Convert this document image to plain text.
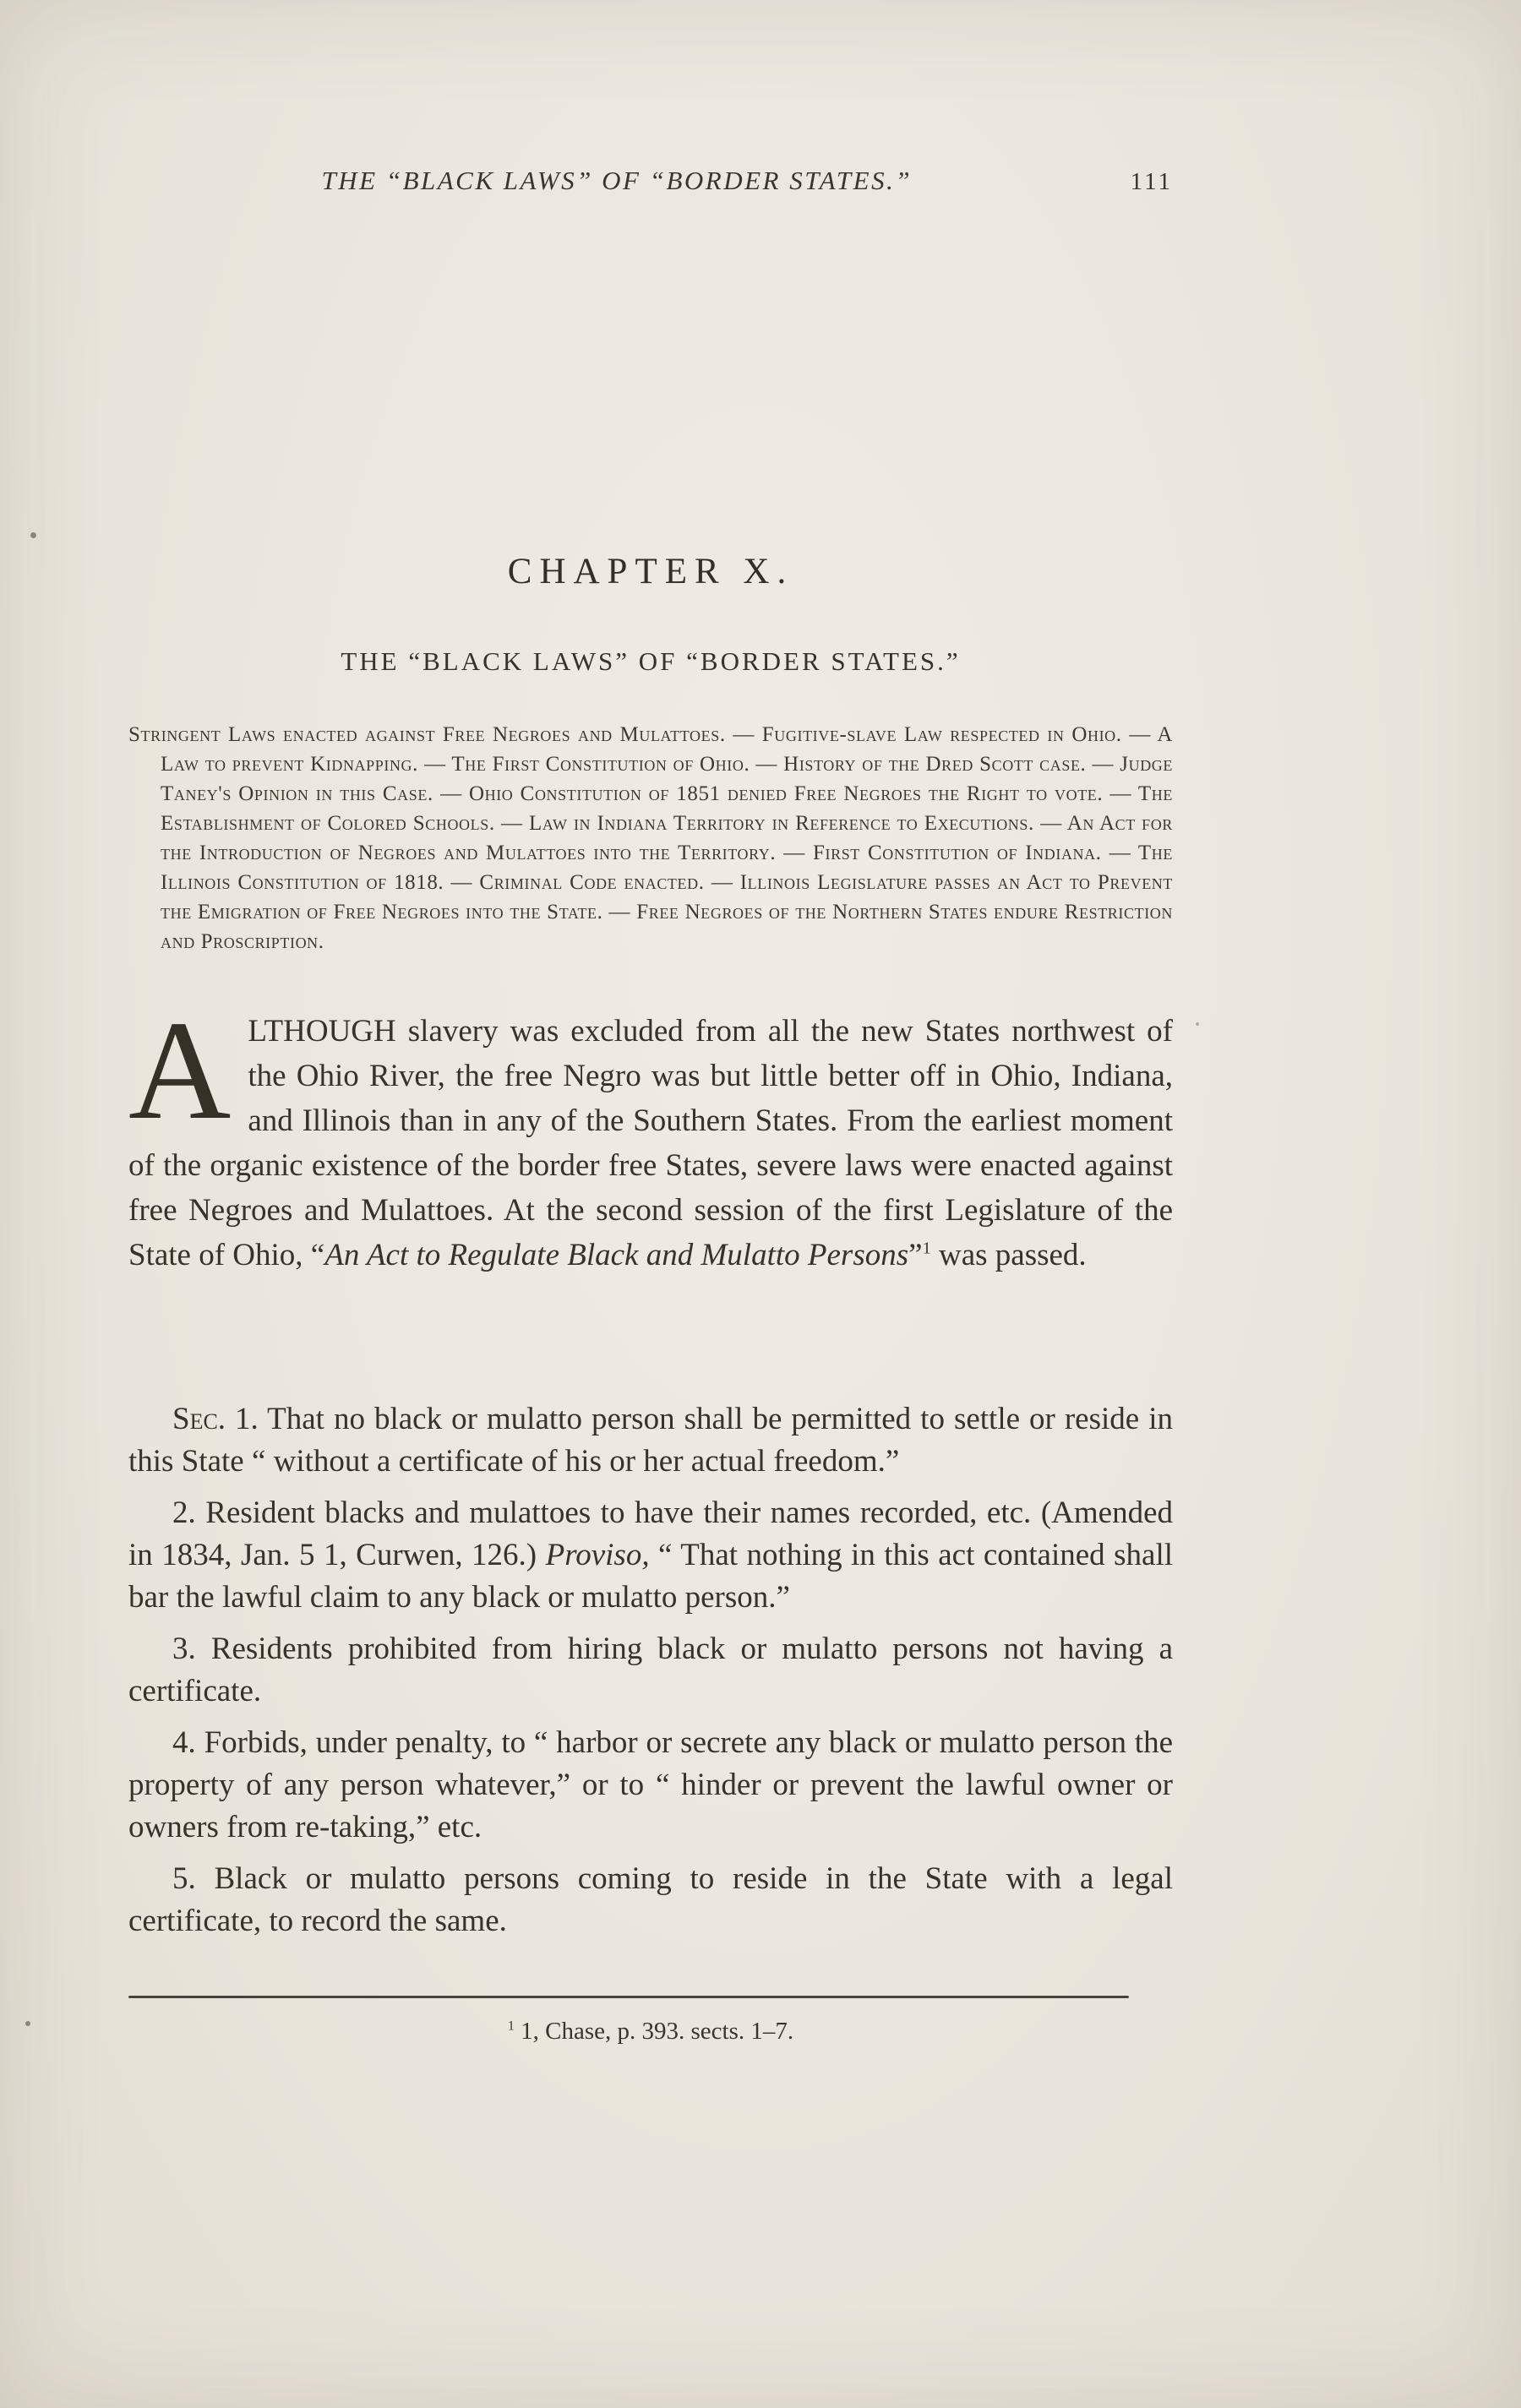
THE “BLACK LAWS” OF “BORDER STATES.”	111
CHAPTER X.
THE “BLACK LAWS” OF “BORDER STATES.”

Stringent Laws enacted against Free Negroes and Mulattoes. — Fugitive-slave Law respected in Ohio. — A Law to prevent Kidnapping. — The First Constitution of Ohio. — History of the Dred Scott case. — Judge Taney's Opinion in this Case. — Ohio Constitution of 1851 denied Free Negroes the Right to vote. — The Establishment of Colored Schools. — Law in Indiana Territory in Reference to Executions. — An Act for the Introduction of Negroes and Mulattoes into the Territory. — First Constitution of Indiana. — The Illinois Constitution of 1818. — Criminal Code enacted. — Illinois Legislature passes an Act to Prevent the Emigration of Free Negroes into the State. — Free Negroes of the Northern States endure Restriction and Proscription.

ALTHOUGH slavery was excluded from all the new States northwest of the Ohio River, the free Negro was but little better off in Ohio, Indiana, and Illinois than in any of the Southern States. From the earliest moment of the organic existence of the border free States, severe laws were enacted against free Negroes and Mulattoes. At the second session of the first Legislature of the State of Ohio, “An Act to Regulate Black and Mulatto Persons”$^1$ was passed.

Sec. 1. That no black or mulatto person shall be permitted to settle or reside in this State “ without a certificate of his or her actual freedom.”

2. Resident blacks and mulattoes to have their names recorded, etc. (Amended in 1834, Jan. 5 1, Curwen, 126.) Proviso, “ That nothing in this act contained shall bar the lawful claim to any black or mulatto person.”

3. Residents prohibited from hiring black or mulatto persons not having a certificate.

4. Forbids, under penalty, to “ harbor or secrete any black or mulatto person the property of any person whatever,” or to “ hinder or prevent the lawful owner or owners from re-taking,” etc.

5. Black or mulatto persons coming to reside in the State with a legal certificate, to record the same.

$^1$ 1, Chase, p. 393. sects. 1–7.
